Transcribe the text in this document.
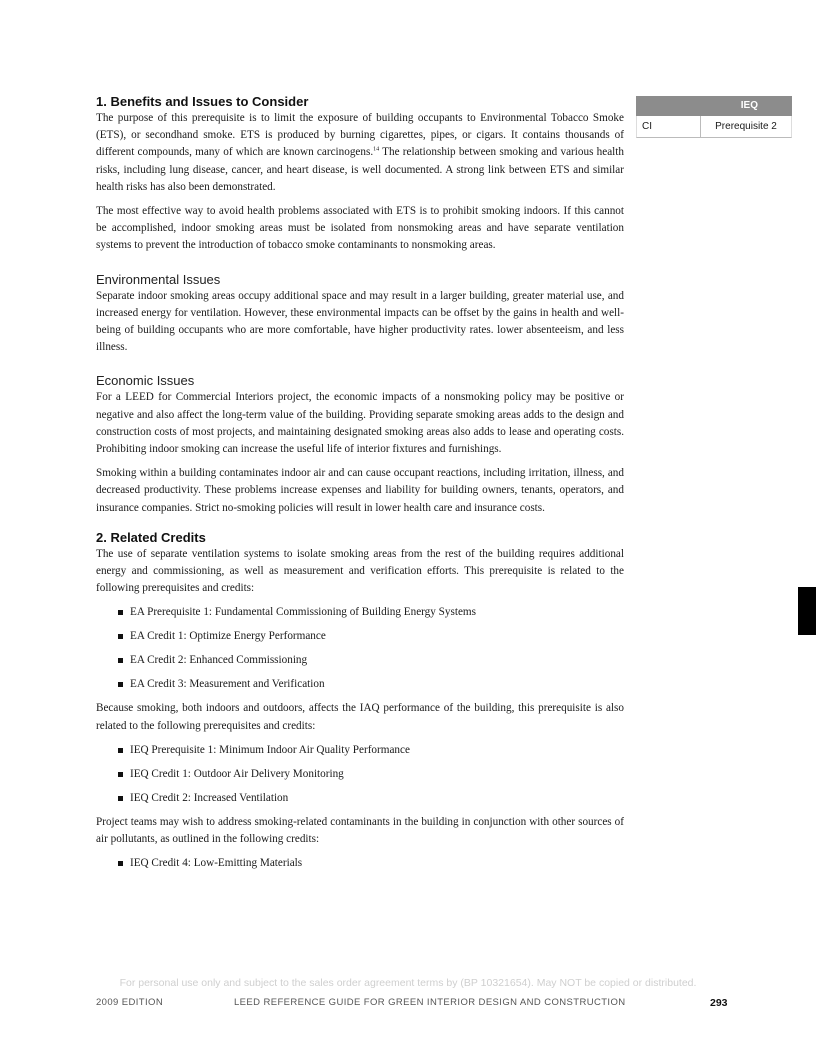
1. Benefits and Issues to Consider

The purpose of this prerequisite is to limit the exposure of building occupants to Environmental Tobacco Smoke (ETS), or secondhand smoke. ETS is produced by burning cigarettes, pipes, or cigars. It contains thousands of different compounds, many of which are known carcinogens.$^{14}$ The relationship between smoking and various health risks, including lung disease, cancer, and heart disease, is well documented. A strong link between ETS and similar health risks has also been demonstrated.

The most effective way to avoid health problems associated with ETS is to prohibit smoking indoors. If this cannot be accomplished, indoor smoking areas must be isolated from nonsmoking areas and have separate ventilation systems to prevent the introduction of tobacco smoke contaminants to nonsmoking areas.

Environmental Issues

Separate indoor smoking areas occupy additional space and may result in a larger building, greater material use, and increased energy for ventilation. However, these environmental impacts can be offset by the gains in health and well-being of building occupants who are more comfortable, have higher productivity rates. lower absenteeism, and less illness.

Economic Issues

For a LEED for Commercial Interiors project, the economic impacts of a nonsmoking policy may be positive or negative and also affect the long-term value of the building. Providing separate smoking areas adds to the design and construction costs of most projects, and maintaining designated smoking areas also adds to lease and operating costs. Prohibiting indoor smoking can increase the useful life of interior fixtures and furnishings.

Smoking within a building contaminates indoor air and can cause occupant reactions, including irritation, illness, and decreased productivity. These problems increase expenses and liability for building owners, tenants, operators, and insurance companies. Strict no-smoking policies will result in lower health care and insurance costs.

2. Related Credits

The use of separate ventilation systems to isolate smoking areas from the rest of the building requires additional energy and commissioning, as well as measurement and verification efforts. This prerequisite is related to the following prerequisites and credits:

EA Prerequisite 1: Fundamental Commissioning of Building Energy Systems
EA Credit 1: Optimize Energy Performance
EA Credit 2: Enhanced Commissioning
EA Credit 3: Measurement and Verification

Because smoking, both indoors and outdoors, affects the IAQ performance of the building, this prerequisite is also related to the following prerequisites and credits:

IEQ Prerequisite 1: Minimum Indoor Air Quality Performance
IEQ Credit 1: Outdoor Air Delivery Monitoring
IEQ Credit 2: Increased Ventilation

Project teams may wish to address smoking-related contaminants in the building in conjunction with other sources of air pollutants, as outlined in the following credits:

IEQ Credit 4: Low-Emitting Materials
IEQ
CI	Prerequisite 2
For personal use only and subject to the sales order agreement terms by (BP 10321654). May NOT be copied or distributed.
2009 EDITION	LEED REFERENCE GUIDE FOR GREEN INTERIOR DESIGN AND CONSTRUCTION	293
